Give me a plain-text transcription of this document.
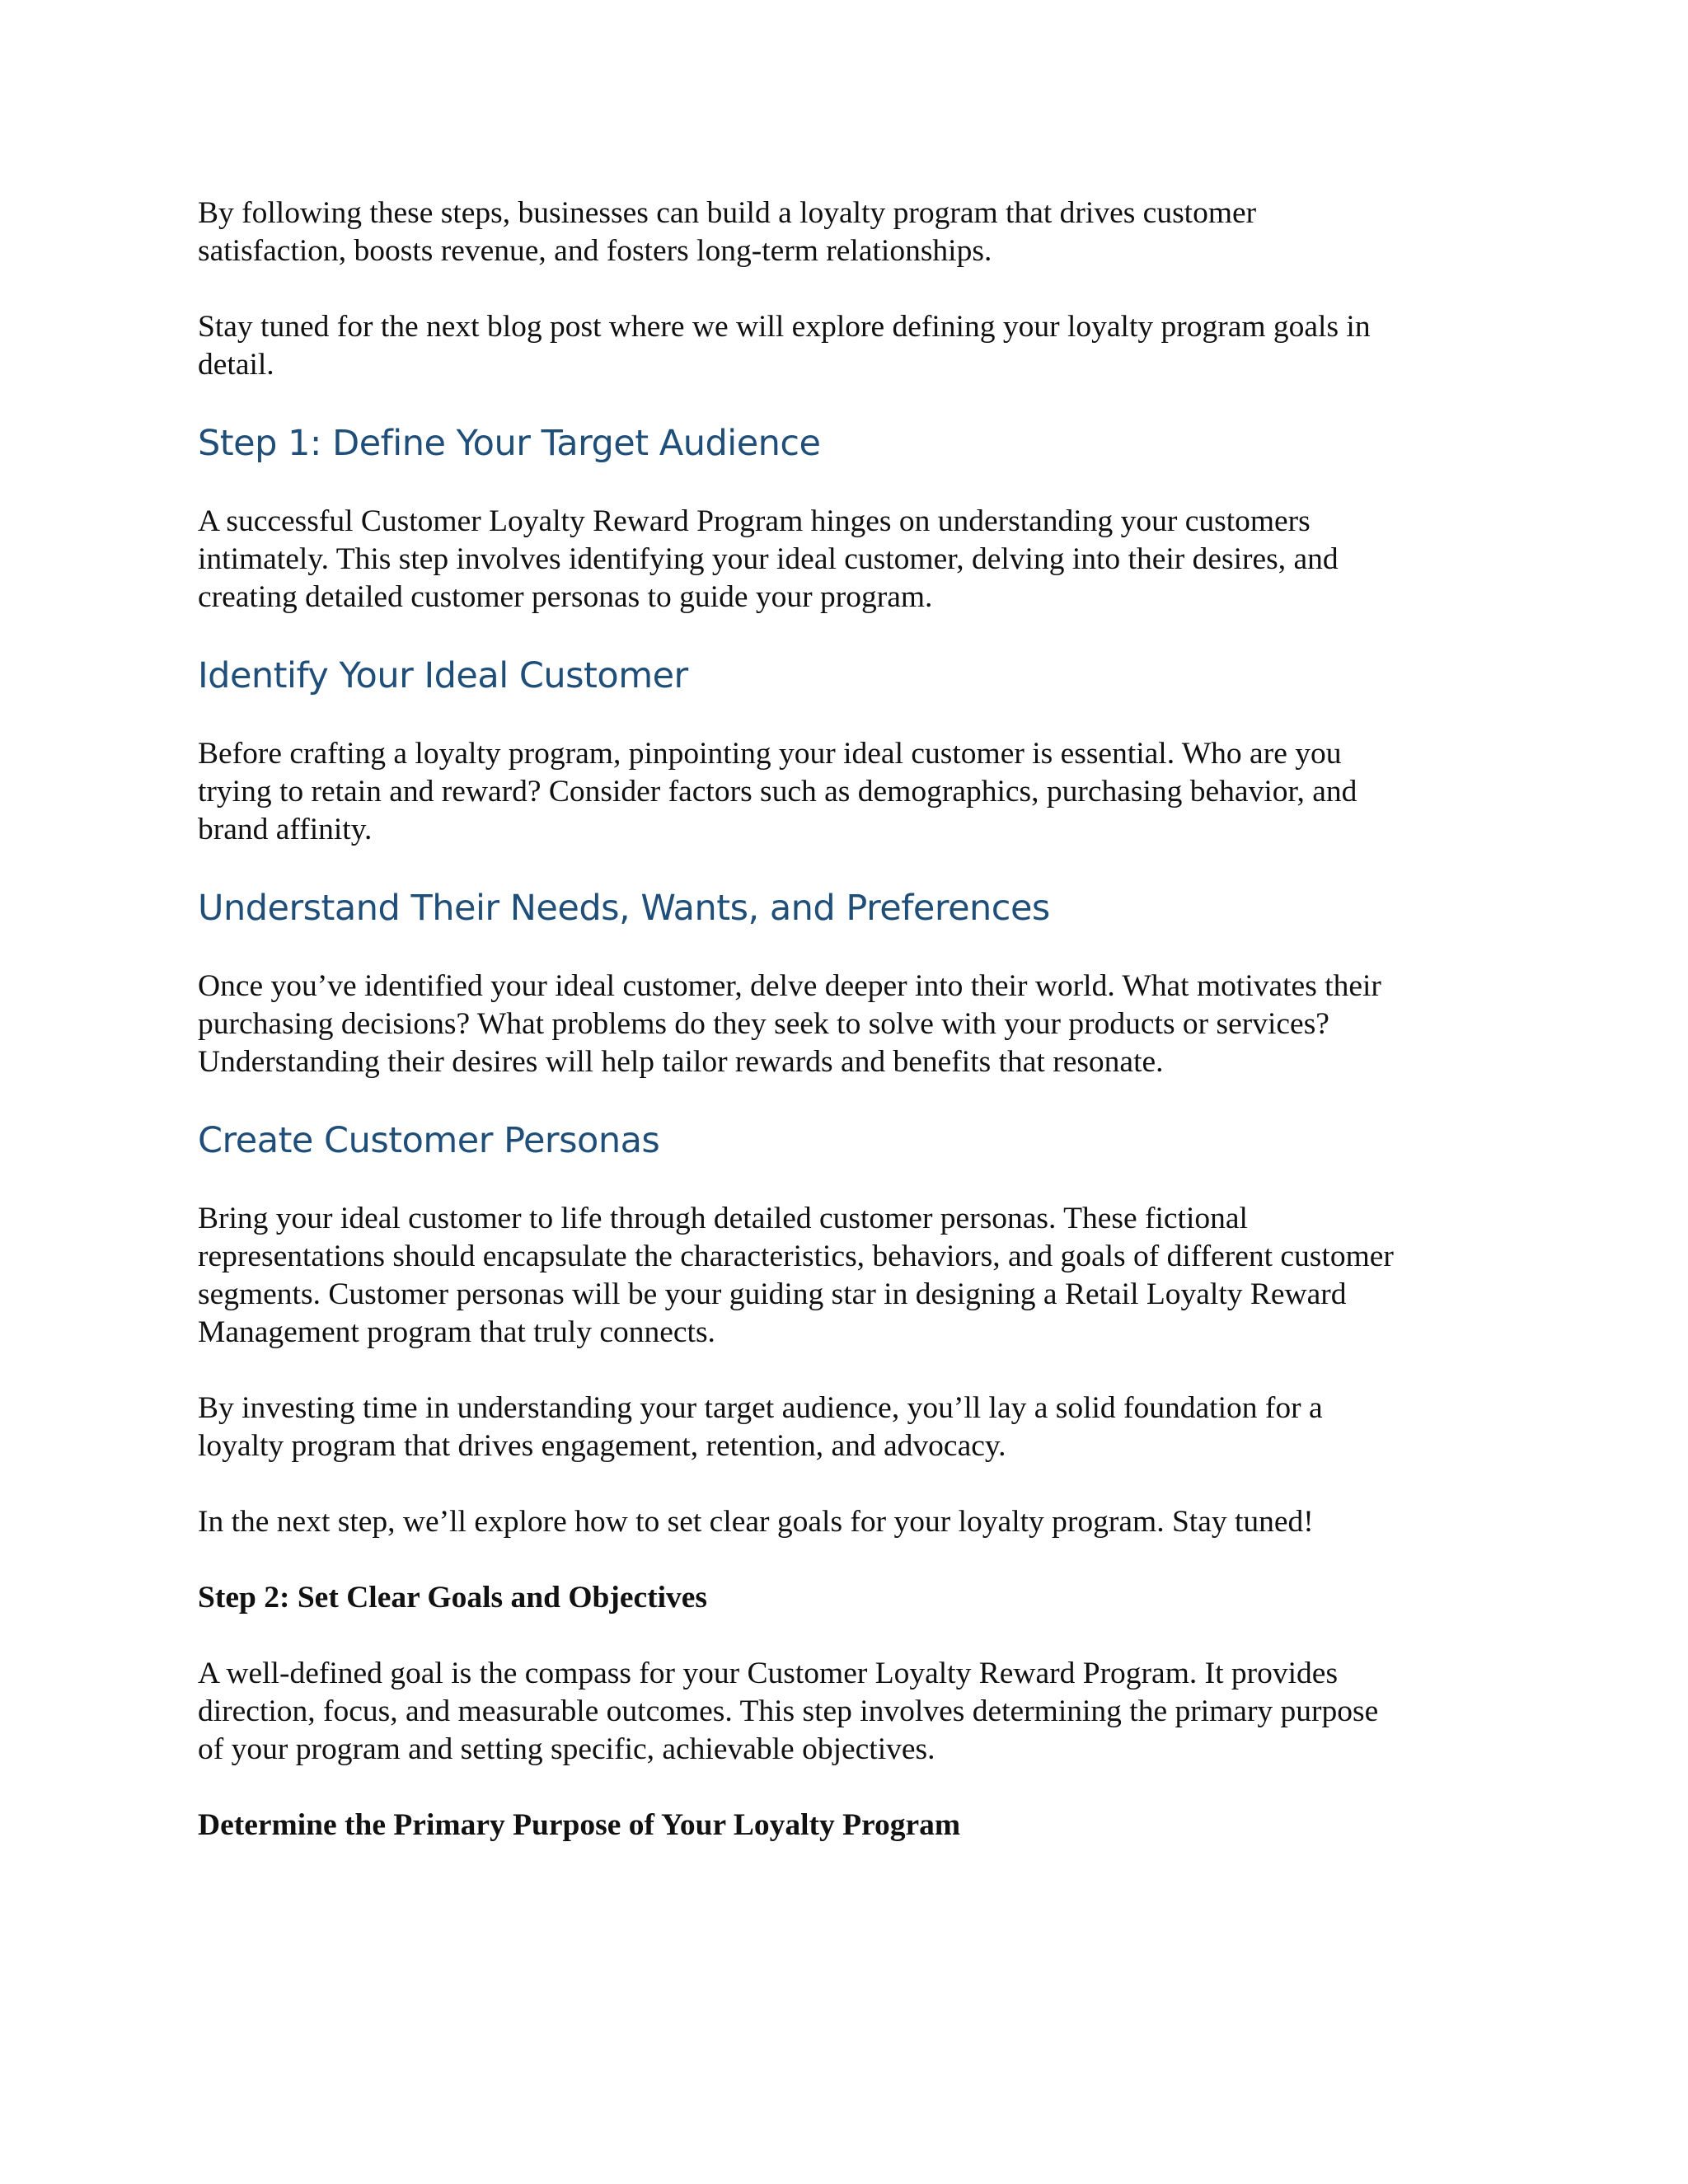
By following these steps, businesses can build a loyalty program that drives customer
satisfaction, boosts revenue, and fosters long-term relationships.

Stay tuned for the next blog post where we will explore defining your loyalty program goals in
detail.

Step 1: Define Your Target Audience

A successful Customer Loyalty Reward Program hinges on understanding your customers
intimately. This step involves identifying your ideal customer, delving into their desires, and
creating detailed customer personas to guide your program.

Identify Your Ideal Customer

Before crafting a loyalty program, pinpointing your ideal customer is essential. Who are you
trying to retain and reward? Consider factors such as demographics, purchasing behavior, and
brand affinity.

Understand Their Needs, Wants, and Preferences

Once you’ve identified your ideal customer, delve deeper into their world. What motivates their
purchasing decisions? What problems do they seek to solve with your products or services?
Understanding their desires will help tailor rewards and benefits that resonate.

Create Customer Personas

Bring your ideal customer to life through detailed customer personas. These fictional
representations should encapsulate the characteristics, behaviors, and goals of different customer
segments. Customer personas will be your guiding star in designing a Retail Loyalty Reward
Management program that truly connects.

By investing time in understanding your target audience, you’ll lay a solid foundation for a
loyalty program that drives engagement, retention, and advocacy.

In the next step, we’ll explore how to set clear goals for your loyalty program. Stay tuned!

Step 2: Set Clear Goals and Objectives

A well-defined goal is the compass for your Customer Loyalty Reward Program. It provides
direction, focus, and measurable outcomes. This step involves determining the primary purpose
of your program and setting specific, achievable objectives.

Determine the Primary Purpose of Your Loyalty Program
